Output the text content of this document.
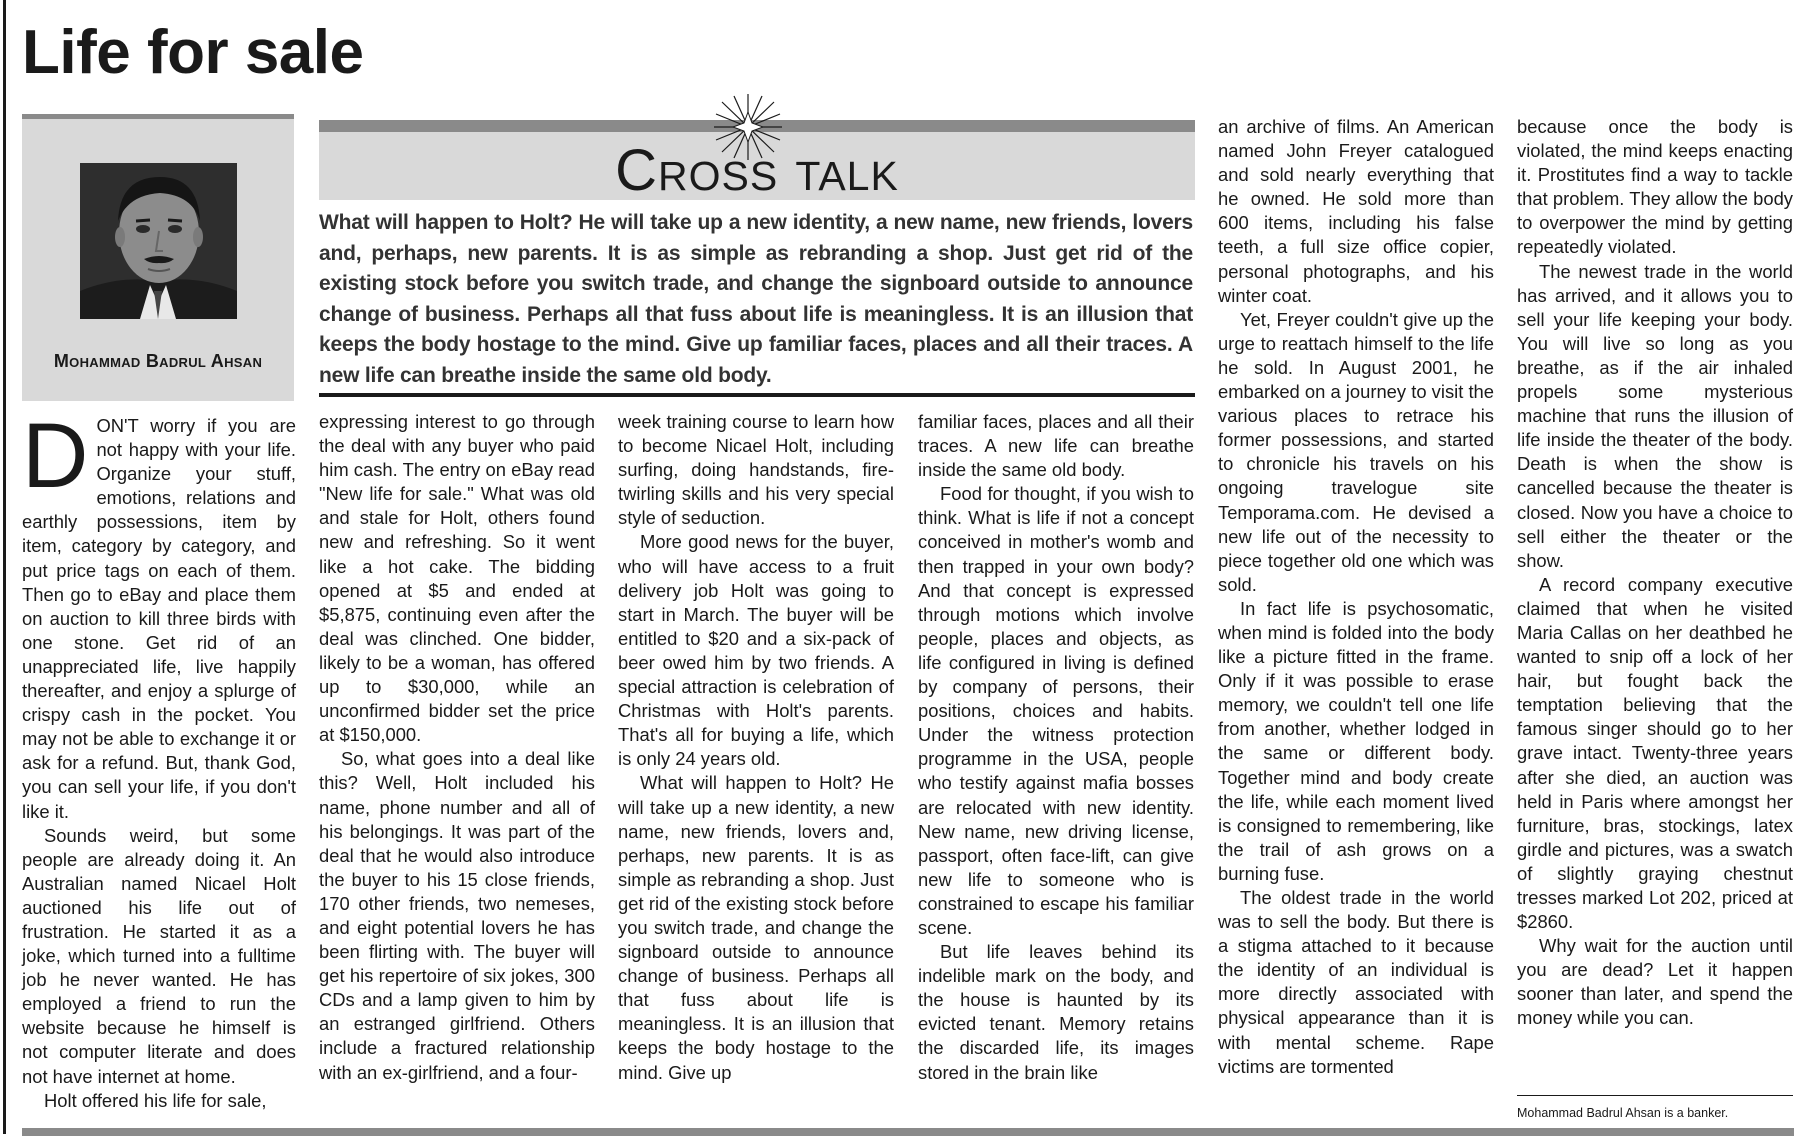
Life for sale
Mohammad Badrul Ahsan
Cross talk
What will happen to Holt? He will take up a new identity, a new name, new friends, lovers and, perhaps, new parents. It is as simple as rebranding a shop. Just get rid of the existing stock before you switch trade, and change the signboard outside to announce change of business. Perhaps all that fuss about life is meaningless. It is an illusion that keeps the body hostage to the mind. Give up familiar faces, places and all their traces. A new life can breathe inside the same old body.

DON'T worry if you are not happy with your life. Organize your stuff, emotions, relations and earthly possessions, item by item, category by category, and put price tags on each of them. Then go to eBay and place them on auction to kill three birds with one stone. Get rid of an unappreciated life, live happily thereafter, and enjoy a splurge of crispy cash in the pocket. You may not be able to exchange it or ask for a refund. But, thank God, you can sell your life, if you don't like it.

Sounds weird, but some people are already doing it. An Australian named Nicael Holt auctioned his life out of frustration. He started it as a joke, which turned into a fulltime job he never wanted. He has employed a friend to run the website because he himself is not computer literate and does not have internet at home.

Holt offered his life for sale,

expressing interest to go through the deal with any buyer who paid him cash. The entry on eBay read "New life for sale." What was old and stale for Holt, others found new and refreshing. So it went like a hot cake. The bidding opened at $5 and ended at $5,875, continuing even after the deal was clinched. One bidder, likely to be a woman, has offered up to $30,000, while an unconfirmed bidder set the price at $150,000.

So, what goes into a deal like this? Well, Holt included his name, phone number and all of his belongings. It was part of the deal that he would also introduce the buyer to his 15 close friends, 170 other friends, two nemeses, and eight potential lovers he has been flirting with. The buyer will get his repertoire of six jokes, 300 CDs and a lamp given to him by an estranged girlfriend. Others include a fractured relationship with an ex-girlfriend, and a four-

week training course to learn how to become Nicael Holt, including surfing, doing handstands, fire-twirling skills and his very special style of seduction.

More good news for the buyer, who will have access to a fruit delivery job Holt was going to start in March. The buyer will be entitled to $20 and a six-pack of beer owed him by two friends. A special attraction is celebration of Christmas with Holt's parents. That's all for buying a life, which is only 24 years old.

What will happen to Holt? He will take up a new identity, a new name, new friends, lovers and, perhaps, new parents. It is as simple as rebranding a shop. Just get rid of the existing stock before you switch trade, and change the signboard outside to announce change of business. Perhaps all that fuss about life is meaningless. It is an illusion that keeps the body hostage to the mind. Give up

familiar faces, places and all their traces. A new life can breathe inside the same old body.

Food for thought, if you wish to think. What is life if not a concept conceived in mother's womb and then trapped in your own body? And that concept is expressed through motions which involve people, places and objects, as life configured in living is defined by company of persons, their positions, choices and habits. Under the witness protection programme in the USA, people who testify against mafia bosses are relocated with new identity. New name, new driving license, passport, often face-lift, can give new life to someone who is constrained to escape his familiar scene.

But life leaves behind its indelible mark on the body, and the house is haunted by its evicted tenant. Memory retains the discarded life, its images stored in the brain like

an archive of films. An American named John Freyer catalogued and sold nearly everything that he owned. He sold more than 600 items, including his false teeth, a full size office copier, personal photographs, and his winter coat.

Yet, Freyer couldn't give up the urge to reattach himself to the life he sold. In August 2001, he embarked on a journey to visit the various places to retrace his former possessions, and started to chronicle his travels on his ongoing travelogue site Temporama.com. He devised a new life out of the necessity to piece together old one which was sold.

In fact life is psychosomatic, when mind is folded into the body like a picture fitted in the frame. Only if it was possible to erase memory, we couldn't tell one life from another, whether lodged in the same or different body. Together mind and body create the life, while each moment lived is consigned to remembering, like the trail of ash grows on a burning fuse.

The oldest trade in the world was to sell the body. But there is a stigma attached to it because the identity of an individual is more directly associated with physical appearance than it is with mental scheme. Rape victims are tormented

because once the body is violated, the mind keeps enacting it. Prostitutes find a way to tackle that problem. They allow the body to overpower the mind by getting repeatedly violated.

The newest trade in the world has arrived, and it allows you to sell your life keeping your body. You will live so long as you breathe, as if the air inhaled propels some mysterious machine that runs the illusion of life inside the theater of the body. Death is when the show is cancelled because the theater is closed. Now you have a choice to sell either the theater or the show.

A record company executive claimed that when he visited Maria Callas on her deathbed he wanted to snip off a lock of her hair, but fought back the temptation believing that the famous singer should go to her grave intact. Twenty-three years after she died, an auction was held in Paris where amongst her furniture, bras, stockings, latex girdle and pictures, was a swatch of slightly graying chestnut tresses marked Lot 202, priced at $2860.

Why wait for the auction until you are dead? Let it happen sooner than later, and spend the money while you can.

Mohammad Badrul Ahsan is a banker.
